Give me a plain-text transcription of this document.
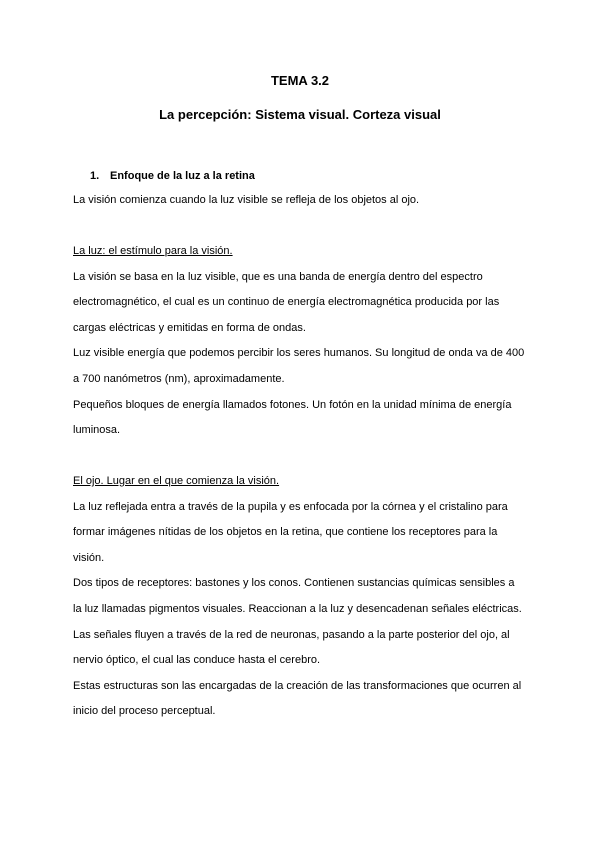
TEMA 3.2
La percepción: Sistema visual. Corteza visual
1. Enfoque de la luz a la retina
La visión comienza cuando la luz visible se refleja de los objetos al ojo.
La luz: el estímulo para la visión.
La visión se basa en la luz visible, que es una banda de energía dentro del espectro
electromagnético, el cual es un continuo de energía electromagnética producida por las
cargas eléctricas y emitidas en forma de ondas.
Luz visible energía que podemos percibir los seres humanos. Su longitud de onda va de 400
a 700 nanómetros (nm), aproximadamente.
Pequeños bloques de energía llamados fotones. Un fotón en la unidad mínima de energía
luminosa.
El ojo. Lugar en el que comienza la visión.
La luz reflejada entra a través de la pupila y es enfocada por la córnea y el cristalino para
formar imágenes nítidas de los objetos en la retina, que contiene los receptores para la
visión.
Dos tipos de receptores: bastones y los conos. Contienen sustancias químicas sensibles a
la luz llamadas pigmentos visuales. Reaccionan a la luz y desencadenan señales eléctricas.
Las señales fluyen a través de la red de neuronas, pasando a la parte posterior del ojo, al
nervio óptico, el cual las conduce hasta el cerebro.
Estas estructuras son las encargadas de la creación de las transformaciones que ocurren al
inicio del proceso perceptual.
